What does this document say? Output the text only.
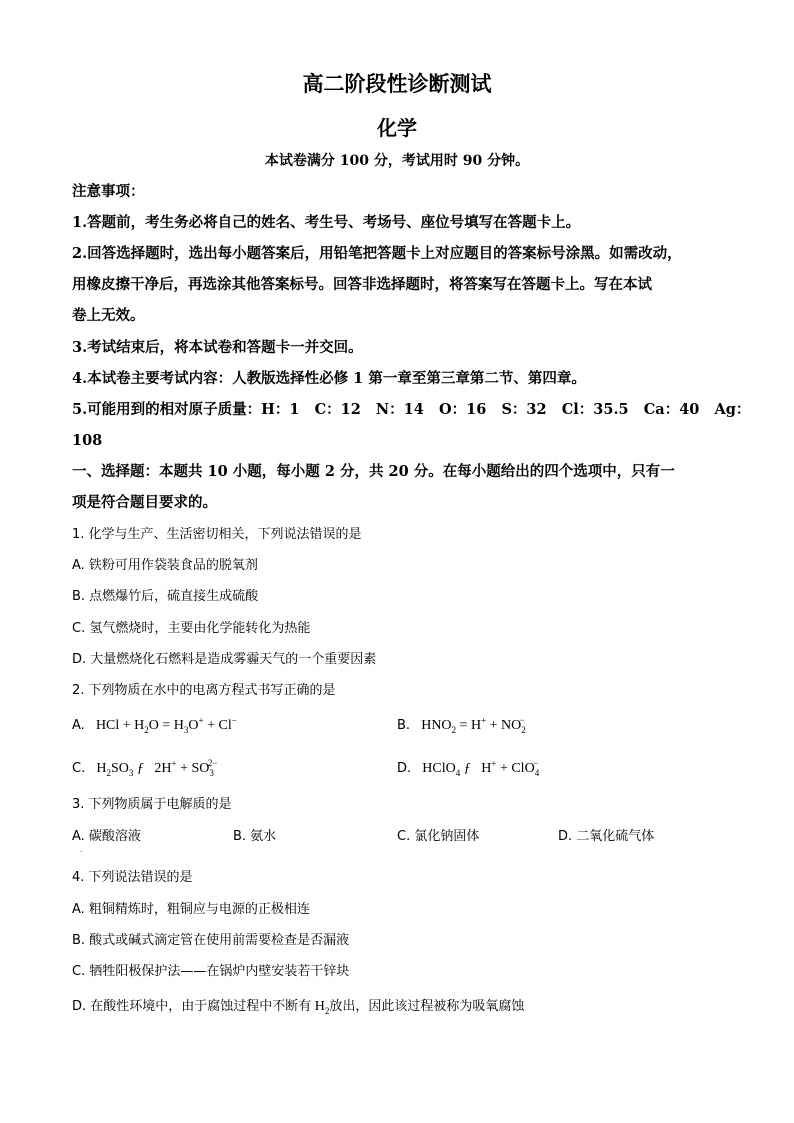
高二阶段性诊断测试
化学
本试卷满分 100 分，考试用时 90 分钟。
注意事项：
1.答题前，考生务必将自己的姓名、考生号、考场号、座位号填写在答题卡上。
2.回答选择题时，选出每小题答案后，用铅笔把答题卡上对应题目的答案标号涂黑。如需改动，
用橡皮擦干净后，再选涂其他答案标号。回答非选择题时，将答案写在答题卡上。写在本试
卷上无效。
3.考试结束后，将本试卷和答题卡一并交回。
4.本试卷主要考试内容：人教版选择性必修 1 第一章至第三章第二节、第四章。
5.可能用到的相对原子质量：H：1   C：12   N：14   O：16   S：32   Cl：35.5   Ca：40   Ag：
108
一、选择题：本题共 10 小题，每小题 2 分，共 20 分。在每小题给出的四个选项中，只有一
项是符合题目要求的。
1. 化学与生产、生活密切相关，下列说法错误的是
A. 铁粉可用作袋装食品的脱氧剂
B. 点燃爆竹后，硫直接生成硫酸
C. 氢气燃烧时，主要由化学能转化为热能
D. 大量燃烧化石燃料是造成雾霾天气的一个重要因素
2. 下列物质在水中的电离方程式书写正确的是
A.   HCl + $H_2O = H_3O^+ + Cl^-$	B.   $HNO_2 = H^+ + NO_2^-$
C.   $H_2SO_3$ ƒ   $2H^+ + SO_3^{2-}$	D.   HClO$_4$ ƒ   H+ + ClO$_4$−
3. 下列物质属于电解质的是
A. 碳酸溶液	B. 氨水	C. 氯化钠固体	D. 二氧化硫气体
·
4. 下列说法错误的是
A. 粗铜精炼时，粗铜应与电源的正极相连
B. 酸式或碱式滴定管在使用前需要检查是否漏液
C. 牺牲阳极保护法——在锅炉内壁安装若干锌块
D. 在酸性环境中，由于腐蚀过程中不断有 $H_2$放出，因此该过程被称为吸氧腐蚀
